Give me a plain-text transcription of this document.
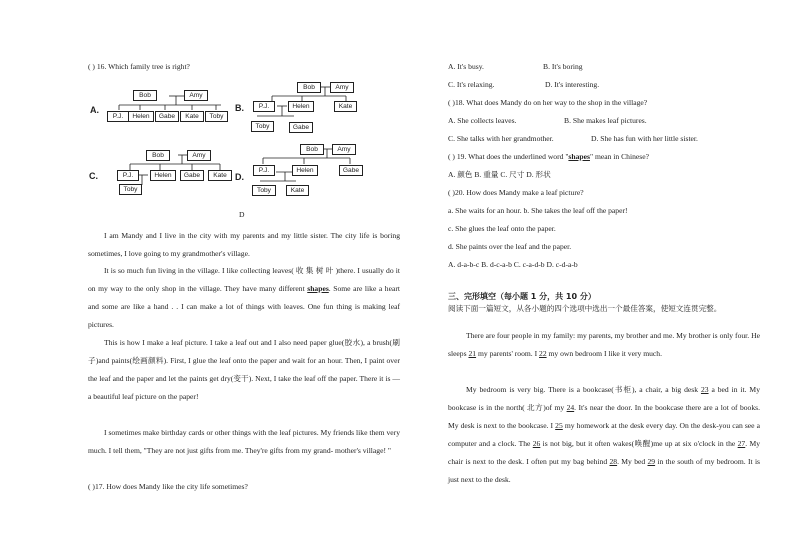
( ) 16. Which family tree is right?
A.
Bob	Amy
P.J.	Helen	Gabe	Kate	Toby
B.
Bob	Amy
P.J.	Helen	Kate
Toby	Gabe
C.
Bob	Amy
P.J.	Helen	Gabe	Kate
Toby
D.
Bob	Amy
P.J.	Helen	Gabe
Toby	Kate
D
I am Mandy and I live in the city with my parents and my little sister. The city life is boring sometimes, I love going to my grandmother's village.
It is so much fun living in the village. I like collecting leaves( 收 集 树 叶 )there. I usually do it on my way to the only shop in the village. They have many different shapes. Some are like a heart and some are like a hand . . I can make a lot of things with leaves. One fun thing is making leaf pictures.
This is how I make a leaf picture. I take a leaf out and I also need paper glue(胶水), a brush(刷子)and paints(绘画颜料). First, I glue the leaf onto the paper and wait for an hour. Then, I paint over the leaf and the paper and let the paints get dry(变干). Next, I take the leaf off the paper. There it is —a beautiful leaf picture on the paper!
I sometimes make birthday cards or other things with the leaf pictures. My friends like them very much. I tell them, "They are not just gifts from me. They're gifts from my grand- mother's village! "
( )17. How does Mandy like the city life sometimes?
A. It's busy.	B. It's boring
C. It's relaxing.	D. It's interesting.
( )18. What does Mandy do on her way to the shop in the village?
A. She collects leaves.	B. She makes leaf pictures.
C. She talks with her grandmother.	D. She has fun with her little sister.
( ) 19. What does the underlined word "shapes" mean in Chinese?
A. 颜色 B. 重量 C. 尺寸 D. 形状
( )20. How does Mandy make a leaf picture?
a. She waits for an hour. b. She takes the leaf off the paper!
c. She glues the leaf onto the paper.
d. She paints over the leaf and the paper.
A. d-a-b-c B. d-c-a-b C. c-a-d-b D. c-d-a-b
三、完形填空（每小题 1 分，共 10 分）
阅读下面一篇短文，从各小题的四个选项中选出一个最佳答案，使短文连贯完整。
There are four people in my family: my parents, my brother and me. My brother is only four. He sleeps 21 my parents' room. I 22 my own bedroom I like it very much.
My bedroom is very big. There is a bookcase(书柜), a chair, a big desk 23 a bed in it. My bookcase is in the north( 北方)of my 24. It's near the door. In the bookcase there are a lot of books. My desk is next to the bookcase. I 25 my homework at the desk every day. On the desk-you can see a computer and a clock. The 26 is not big, but it often wakes(唤醒)me up at six o'clock in the 27. My chair is next to the desk. I often put my bag behind 28. My bed 29 in the south of my bedroom. It is just next to the desk.
